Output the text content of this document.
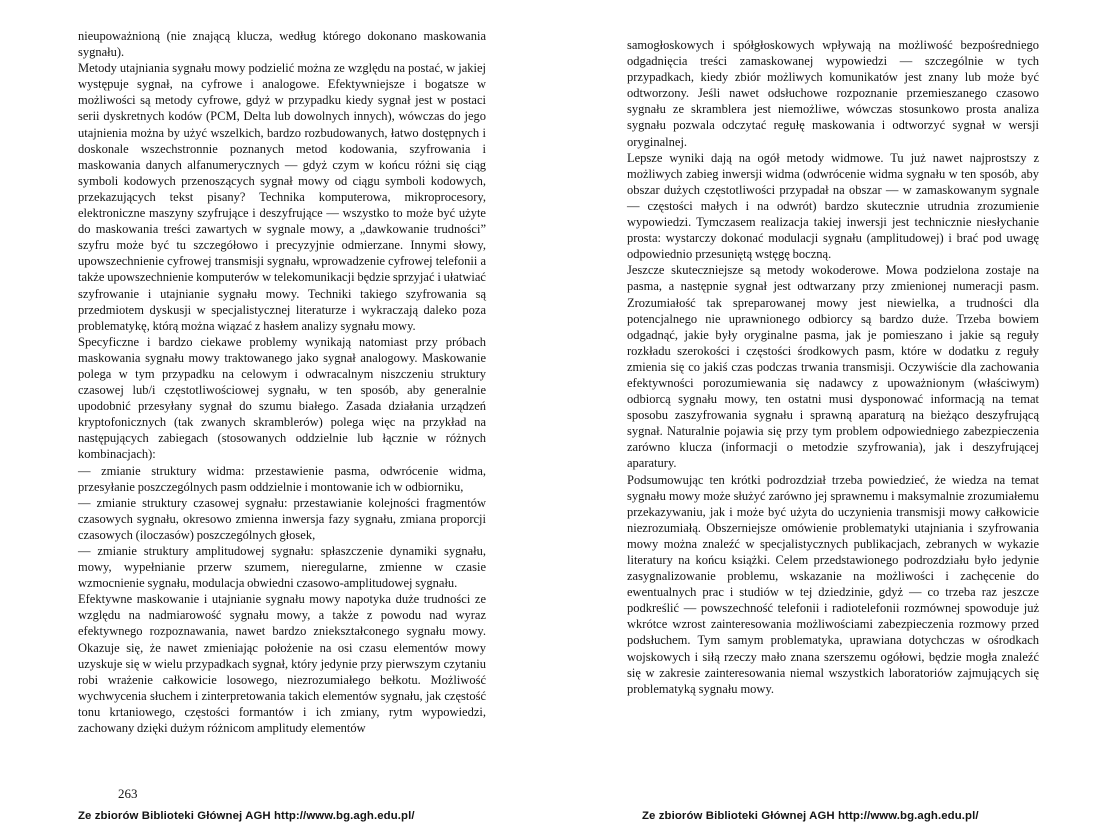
nieupoważnioną (nie znającą klucza, według którego dokonano maskowania sygnału).

Metody utajniania sygnału mowy podzielić można ze względu na postać, w jakiej występuje sygnał, na cyfrowe i analogowe. Efektywniejsze i bogatsze w możliwości są metody cyfrowe, gdyż w przypadku kiedy sygnał jest w postaci serii dyskretnych kodów (PCM, Delta lub dowolnych innych), wówczas do jego utajnienia można by użyć wszelkich, bardzo rozbudowanych, łatwo dostępnych i doskonale wszechstronnie poznanych metod kodowania, szyfrowania i maskowania danych alfanumerycznych — gdyż czym w końcu różni się ciąg symboli kodowych przenoszących sygnał mowy od ciągu symboli kodowych, przekazujących tekst pisany? Technika komputerowa, mikroprocesory, elektroniczne maszyny szyfrujące i deszyfrujące — wszystko to może być użyte do maskowania treści zawartych w sygnale mowy, a „dawkowanie trudności” szyfru może być tu szczegółowo i precyzyjnie odmierzane. Innymi słowy, upowszechnienie cyfrowej transmisji sygnału, wprowadzenie cyfrowej telefonii a także upowszechnienie komputerów w telekomunikacji będzie sprzyjać i ułatwiać szyfrowanie i utajnianie sygnału mowy. Techniki takiego szyfrowania są przedmiotem dyskusji w specjalistycznej literaturze i wykraczają daleko poza problematykę, którą można wiązać z hasłem analizy sygnału mowy.

Specyficzne i bardzo ciekawe problemy wynikają natomiast przy próbach maskowania sygnału mowy traktowanego jako sygnał analogowy. Maskowanie polega w tym przypadku na celowym i odwracalnym niszczeniu struktury czasowej lub/i częstotliwościowej sygnału, w ten sposób, aby generalnie upodobnić przesyłany sygnał do szumu białego. Zasada działania urządzeń kryptofonicznych (tak zwanych skramblerów) polega więc na przykład na następujących zabiegach (stosowanych oddzielnie lub łącznie w różnych kombinacjach):

— zmianie struktury widma: przestawienie pasma, odwrócenie widma, przesyłanie poszczególnych pasm oddzielnie i montowanie ich w odbiorniku,

— zmianie struktury czasowej sygnału: przestawianie kolejności fragmentów czasowych sygnału, okresowo zmienna inwersja fazy sygnału, zmiana proporcji czasowych (iloczasów) poszczególnych głosek,

— zmianie struktury amplitudowej sygnału: spłaszczenie dynamiki sygnału, mowy, wypełnianie przerw szumem, nieregularne, zmienne w czasie wzmocnienie sygnału, modulacja obwiedni czasowo-amplitudowej sygnału.

Efektywne maskowanie i utajnianie sygnału mowy napotyka duże trudności ze względu na nadmiarowość sygnału mowy, a także z powodu nad wyraz efektywnego rozpoznawania, nawet bardzo zniekształconego sygnału mowy. Okazuje się, że nawet zmieniając położenie na osi czasu elementów mowy uzyskuje się w wielu przypadkach sygnał, który jedynie przy pierwszym czytaniu robi wrażenie całkowicie losowego, niezrozumiałego bełkotu. Możliwość wychwycenia słuchem i zinterpretowania takich elementów sygnału, jak częstość tonu krtaniowego, częstości formantów i ich zmiany, rytm wypowiedzi, zachowany dzięki dużym różnicom amplitudy elementów

263
Ze zbiorów Biblioteki Głównej AGH http://www.bg.agh.edu.pl/

samogłoskowych i spółgłoskowych wpływają na możliwość bezpośredniego odgadnięcia treści zamaskowanej wypowiedzi — szczególnie w tych przypadkach, kiedy zbiór możliwych komunikatów jest znany lub może być odtworzony. Jeśli nawet odsłuchowe rozpoznanie przemieszanego czasowo sygnału ze skramblera jest niemożliwe, wówczas stosunkowo prosta analiza sygnału pozwala odczytać regułę maskowania i odtworzyć sygnał w wersji oryginalnej.

Lepsze wyniki dają na ogół metody widmowe. Tu już nawet najprostszy z możliwych zabieg inwersji widma (odwrócenie widma sygnału w ten sposób, aby obszar dużych częstotliwości przypadał na obszar — w zamaskowanym sygnale — częstości małych i na odwrót) bardzo skutecznie utrudnia zrozumienie wypowiedzi. Tymczasem realizacja takiej inwersji jest technicznie niesłychanie prosta: wystarczy dokonać modulacji sygnału (amplitudowej) i brać pod uwagę odpowiednio przesuniętą wstęgę boczną.

Jeszcze skuteczniejsze są metody wokoderowe. Mowa podzielona zostaje na pasma, a następnie sygnał jest odtwarzany przy zmienionej numeracji pasm. Zrozumiałość tak spreparowanej mowy jest niewielka, a trudności dla potencjalnego nie uprawnionego odbiorcy są bardzo duże. Trzeba bowiem odgadnąć, jakie były oryginalne pasma, jak je pomieszano i jakie są reguły rozkładu szerokości i częstości środkowych pasm, które w dodatku z reguły zmienia się co jakiś czas podczas trwania transmisji. Oczywiście dla zachowania efektywności porozumiewania się nadawcy z upoważnionym (właściwym) odbiorcą sygnału mowy, ten ostatni musi dysponować informacją na temat sposobu zaszyfrowania sygnału i sprawną aparaturą na bieżąco deszyfrującą sygnał. Naturalnie pojawia się przy tym problem odpowiedniego zabezpieczenia zarówno klucza (informacji o metodzie szyfrowania), jak i deszyfrującej aparatury.

Podsumowując ten krótki podrozdział trzeba powiedzieć, że wiedza na temat sygnału mowy może służyć zarówno jej sprawnemu i maksymalnie zrozumiałemu przekazywaniu, jak i może być użyta do uczynienia transmisji mowy całkowicie niezrozumiałą. Obszerniejsze omówienie problematyki utajniania i szyfrowania mowy można znaleźć w specjalistycznych publikacjach, zebranych w wykazie literatury na końcu książki. Celem przedstawionego podrozdziału było jedynie zasygnalizowanie problemu, wskazanie na możliwości i zachęcenie do ewentualnych prac i studiów w tej dziedzinie, gdyż — co trzeba raz jeszcze podkreślić — powszechność telefonii i radiotelefonii rozmównej spowoduje już wkrótce wzrost zainteresowania możliwościami zabezpieczenia rozmowy przed podsłuchem. Tym samym problematyka, uprawiana dotychczas w ośrodkach wojskowych i siłą rzeczy mało znana szerszemu ogółowi, będzie mogła znaleźć się w zakresie zainteresowania niemal wszystkich laboratoriów zajmujących się problematyką sygnału mowy.

Ze zbiorów Biblioteki Głównej AGH http://www.bg.agh.edu.pl/
